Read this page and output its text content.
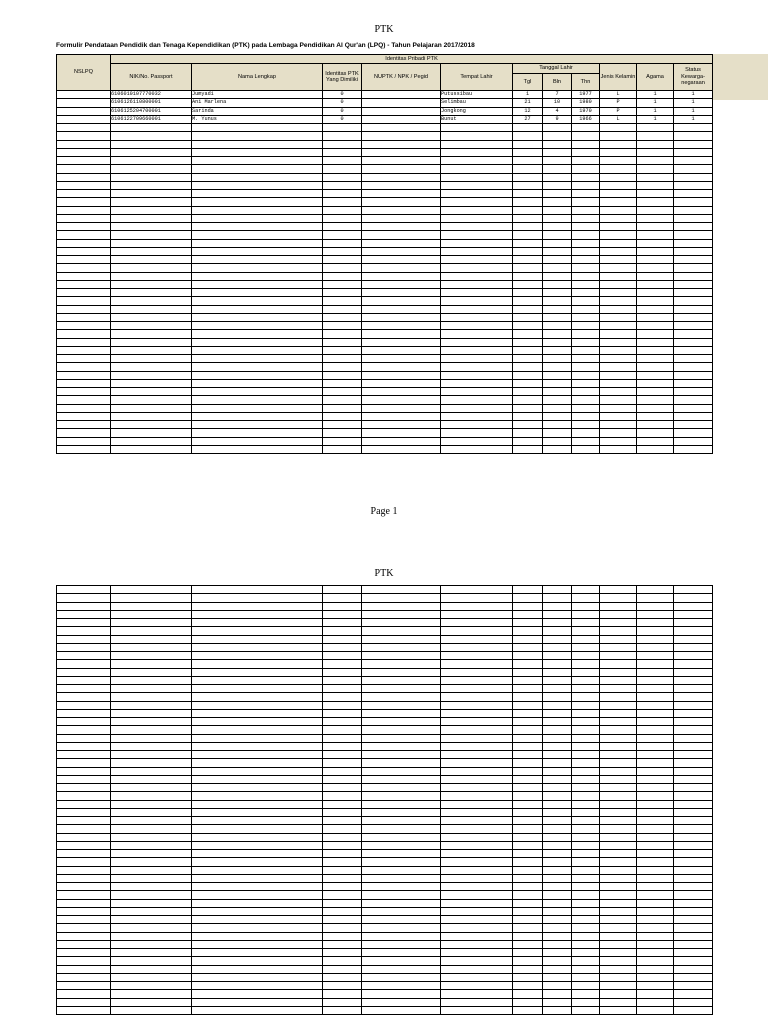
PTK
Formulir Pendataan Pendidik dan Tenaga Kependidikan (PTK) pada Lembaga Pendidikan Al Qur'an (LPQ) - Tahun Pelajaran 2017/2018
NSLPQ	Identitas Pribadi PTK										
	NIK/No. Passport	Nama Lengkap	Identitas PTK Yang Dimiliki	NUPTK / NPK / Pegid	Tempat Lahir	Tanggal Lahir			Jenis Kelamin	Agama	Status Kewarga-negaraan
						Tgl	Bln	Thn			
	6106010107770032	Jumyadi	0		Putussibau	1	7	1977	L	1	1
	6106126110800001	Ani Marlena	0		Selimbau	21	10	1980	P	1	1
	6106125204700001	Sarinda	0		Jongkong	12	4	1970	P	1	1
	6106122709660001	M. Yunus	0		Bunut	27	9	1966	L	1	1

Page 1
PTK
